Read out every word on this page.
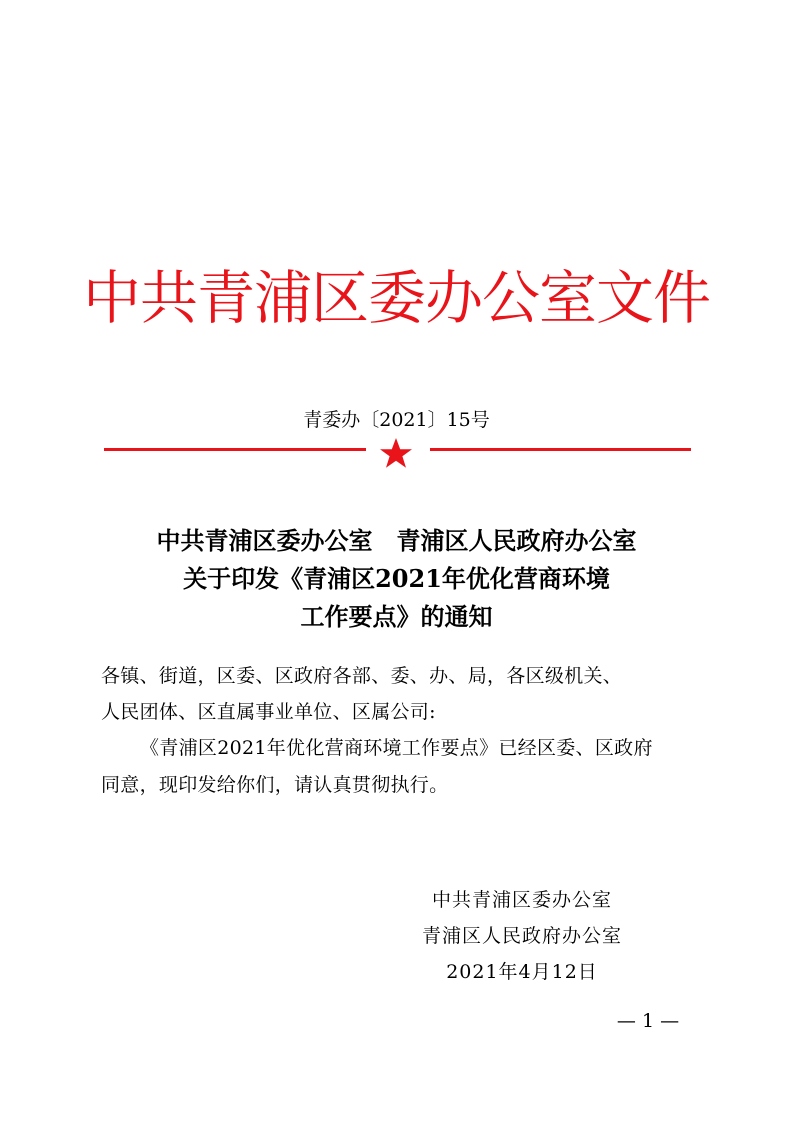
中共青浦区委办公室文件
青委办〔2021〕15号
中共青浦区委办公室　青浦区人民政府办公室
关于印发《青浦区2021年优化营商环境
工作要点》的通知
各镇、街道，区委、区政府各部、委、办、局，各区级机关、
人民团体、区直属事业单位、区属公司:
《青浦区2021年优化营商环境工作要点》已经区委、区政府
同意，现印发给你们，请认真贯彻执行。
中共青浦区委办公室
青浦区人民政府办公室
2021年4月12日
— 1 —
